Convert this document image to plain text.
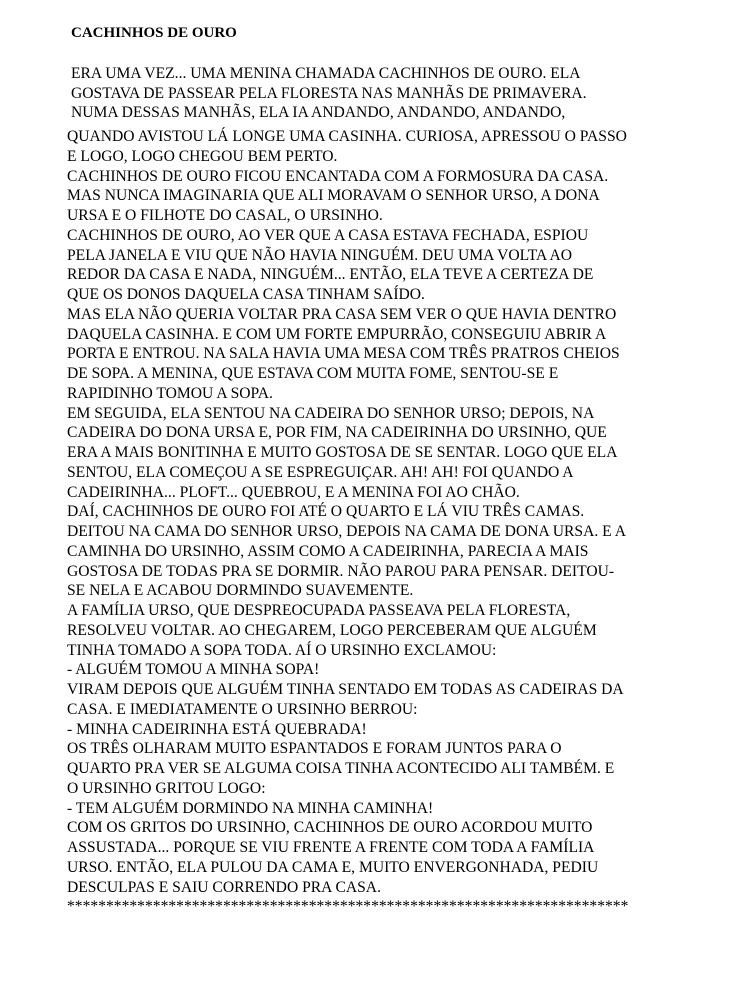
CACHINHOS DE OURO
ERA UMA VEZ... UMA MENINA CHAMADA CACHINHOS DE OURO. ELA
GOSTAVA DE PASSEAR PELA FLORESTA NAS MANHÃS DE PRIMAVERA.
NUMA DESSAS MANHÃS, ELA IA ANDANDO, ANDANDO, ANDANDO,
QUANDO AVISTOU LÁ LONGE UMA CASINHA. CURIOSA, APRESSOU O PASSO
E LOGO, LOGO CHEGOU BEM PERTO.
CACHINHOS DE OURO FICOU ENCANTADA COM A FORMOSURA DA CASA.
MAS NUNCA IMAGINARIA QUE ALI MORAVAM O SENHOR URSO, A DONA
URSA E O FILHOTE DO CASAL, O URSINHO.
CACHINHOS DE OURO, AO VER QUE A CASA ESTAVA FECHADA, ESPIOU
PELA JANELA E VIU QUE NÃO HAVIA NINGUÉM. DEU UMA VOLTA AO
REDOR DA CASA E NADA, NINGUÉM... ENTÃO, ELA TEVE A CERTEZA DE
QUE OS DONOS DAQUELA CASA TINHAM SAÍDO.
MAS ELA NÃO QUERIA VOLTAR PRA CASA SEM VER O QUE HAVIA DENTRO
DAQUELA CASINHA. E COM UM FORTE EMPURRÃO, CONSEGUIU ABRIR A
PORTA E ENTROU. NA SALA HAVIA UMA MESA COM TRÊS PRATROS CHEIOS
DE SOPA. A MENINA, QUE ESTAVA COM MUITA FOME, SENTOU-SE E
RAPIDINHO TOMOU A SOPA.
EM SEGUIDA, ELA SENTOU NA CADEIRA DO SENHOR URSO; DEPOIS, NA
CADEIRA DO DONA URSA E, POR FIM, NA CADEIRINHA DO URSINHO, QUE
ERA A MAIS BONITINHA E MUITO GOSTOSA DE SE SENTAR. LOGO QUE ELA
SENTOU, ELA COMEÇOU A SE ESPREGUIÇAR. AH! AH! FOI QUANDO A
CADEIRINHA... PLOFT... QUEBROU, E A MENINA FOI AO CHÃO.
DAÍ, CACHINHOS DE OURO FOI ATÉ O QUARTO E LÁ VIU TRÊS CAMAS.
DEITOU NA CAMA DO SENHOR URSO, DEPOIS NA CAMA DE DONA URSA. E A
CAMINHA DO URSINHO, ASSIM COMO A CADEIRINHA, PARECIA A MAIS
GOSTOSA DE TODAS PRA SE DORMIR. NÃO PAROU PARA PENSAR. DEITOU-
SE NELA E ACABOU DORMINDO SUAVEMENTE.
A FAMÍLIA URSO, QUE DESPREOCUPADA PASSEAVA PELA FLORESTA,
RESOLVEU VOLTAR. AO CHEGAREM, LOGO PERCEBERAM QUE ALGUÉM
TINHA TOMADO A SOPA TODA. AÍ O URSINHO EXCLAMOU:
- ALGUÉM TOMOU A MINHA SOPA!
VIRAM DEPOIS QUE ALGUÉM TINHA SENTADO EM TODAS AS CADEIRAS DA
CASA. E IMEDIATAMENTE O URSINHO BERROU:
- MINHA CADEIRINHA ESTÁ QUEBRADA!
OS TRÊS OLHARAM MUITO ESPANTADOS E FORAM JUNTOS PARA O
QUARTO PRA VER SE ALGUMA COISA TINHA ACONTECIDO ALI TAMBÉM. E
O URSINHO GRITOU LOGO:
- TEM ALGUÉM DORMINDO NA MINHA CAMINHA!
COM OS GRITOS DO URSINHO, CACHINHOS DE OURO ACORDOU MUITO
ASSUSTADA... PORQUE SE VIU FRENTE A FRENTE COM TODA A FAMÍLIA
URSO. ENTÃO, ELA PULOU DA CAMA E, MUITO ENVERGONHADA, PEDIU
DESCULPAS E SAIU CORRENDO PRA CASA.
************************************************************************
